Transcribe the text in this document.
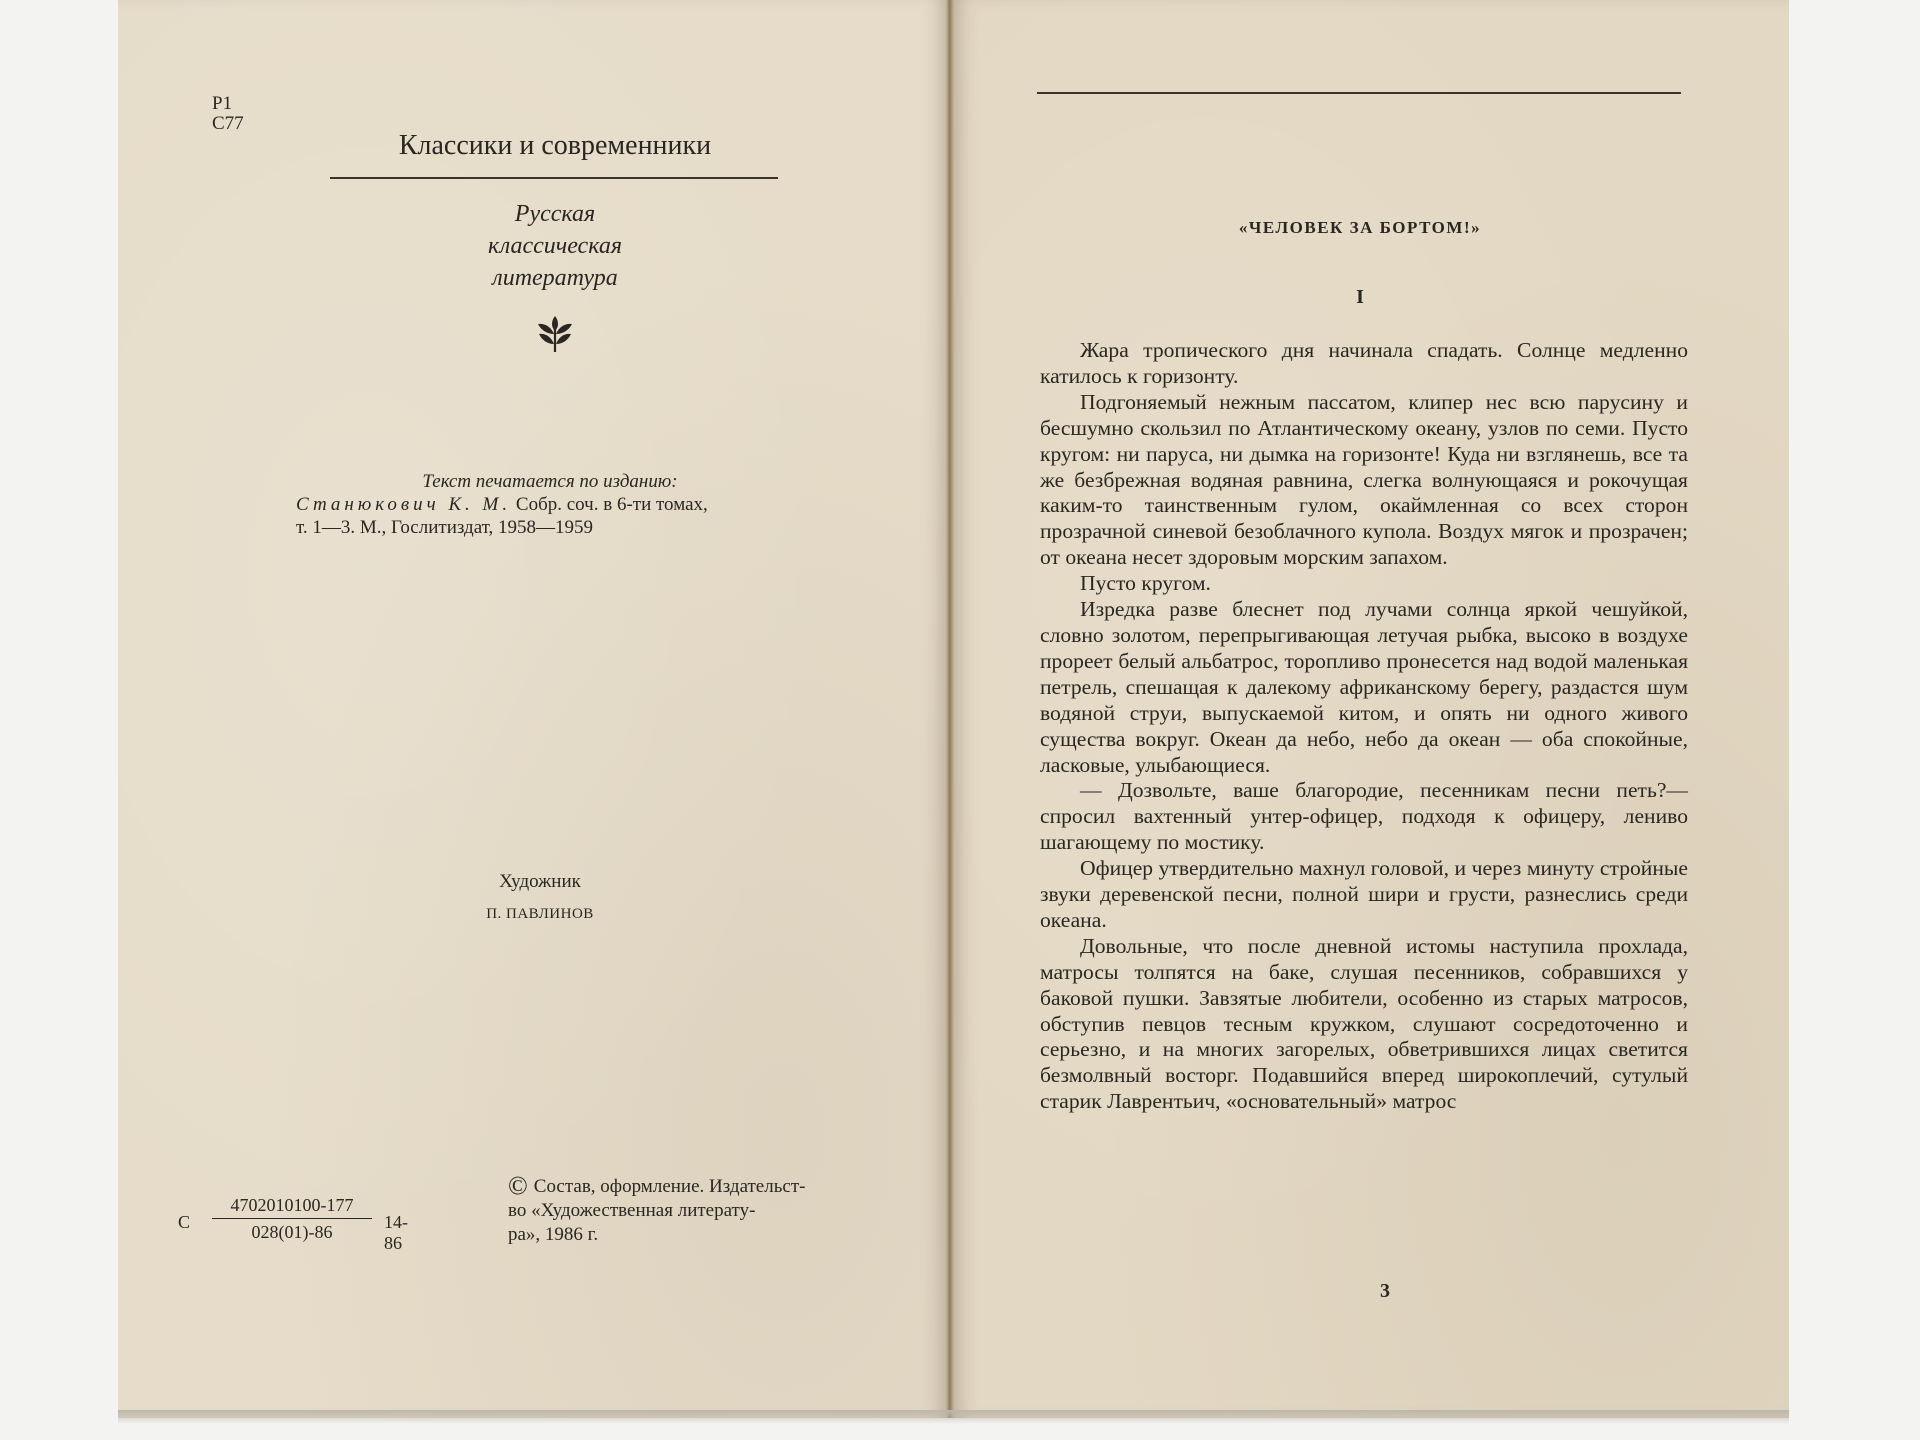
Р1
С77
Классики и современники
Русская
классическая
литература
Текст печатается по изданию:
Станюкович К. М. Собр. соч. в 6-ти томах,
т. 1—3. М., Гослитиздат, 1958—1959
Художник
П. ПАВЛИНОВ
С
4702010100-177
028(01)-86	14-86
© Состав, оформление. Издательст-
во «Художественная литерату-
ра», 1986 г.
«ЧЕЛОВЕК ЗА БОРТОМ!»
I

Жара тропического дня начинала спадать. Солнце медленно катилось к горизонту.

Подгоняемый нежным пассатом, клипер нес всю парусину и бесшумно скользил по Атлантическому океану, узлов по семи. Пусто кругом: ни паруса, ни дымка на горизонте! Куда ни взглянешь, все та же безбрежная водяная равнина, слегка волнующаяся и рокочущая каким-то таинственным гулом, окаймленная со всех сторон прозрачной синевой безоблачного купола. Воздух мягок и прозрачен; от океана несет здоровым морским запахом.

Пусто кругом.

Изредка разве блеснет под лучами солнца яркой чешуйкой, словно золотом, перепрыгивающая летучая рыбка, высоко в воздухе прореет белый альбатрос, торопливо пронесется над водой маленькая петрель, спешащая к далекому африканскому берегу, раздастся шум водяной струи, выпускаемой китом, и опять ни одного живого существа вокруг. Океан да небо, небо да океан — оба спокойные, ласковые, улыбающиеся.

— Дозвольте, ваше благородие, песенникам песни петь?— спросил вахтенный унтер-офицер, подходя к офицеру, лениво шагающему по мостику.

Офицер утвердительно махнул головой, и через минуту стройные звуки деревенской песни, полной шири и грусти, разнеслись среди океана.

Довольные, что после дневной истомы наступила прохлада, матросы толпятся на баке, слушая песенников, собравшихся у баковой пушки. Завзятые любители, особенно из старых матросов, обступив певцов тесным кружком, слушают сосредоточенно и серьезно, и на многих загорелых, обветрившихся лицах светится безмолвный восторг. Подавшийся вперед широкоплечий, сутулый старик Лаврентьич, «основательный» матрос

3
